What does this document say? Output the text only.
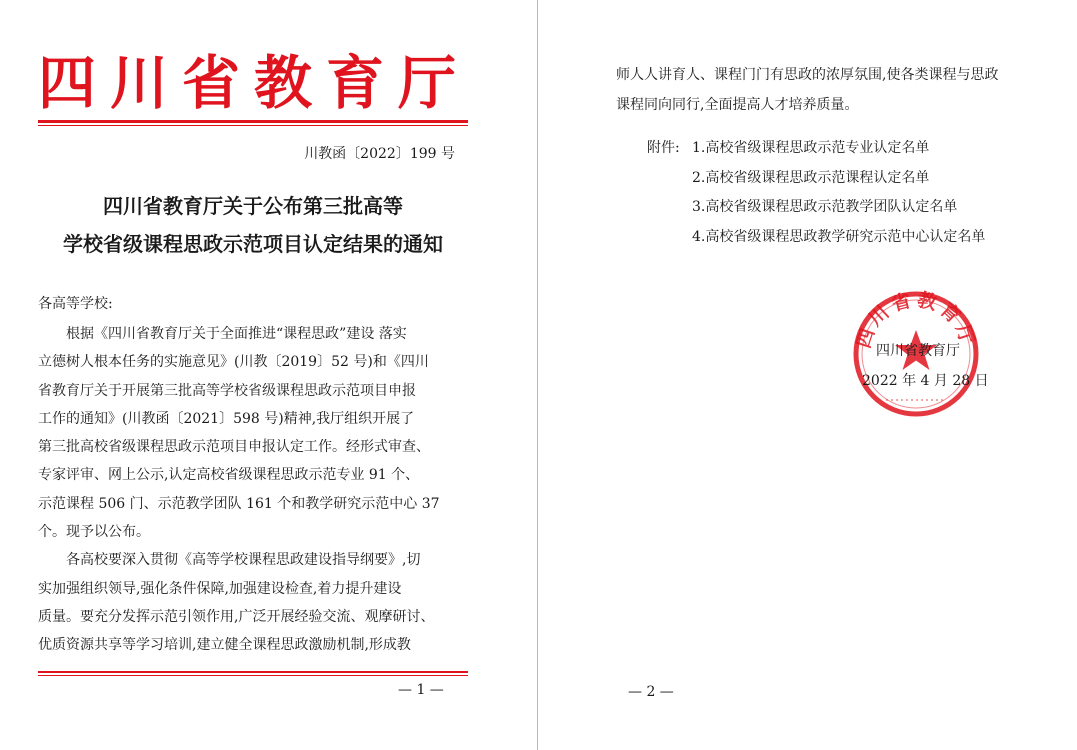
四川省教育厅
川教函〔2022〕199 号
四川省教育厅关于公布第三批高等
学校省级课程思政示范项目认定结果的通知
各高等学校:
根据《四川省教育厅关于全面推进“课程思政”建设 落实
立德树人根本任务的实施意见》(川教〔2019〕52 号)和《四川
省教育厅关于开展第三批高等学校省级课程思政示范项目申报
工作的通知》(川教函〔2021〕598 号)精神,我厅组织开展了
第三批高校省级课程思政示范项目申报认定工作。经形式审查、
专家评审、网上公示,认定高校省级课程思政示范专业 91 个、
示范课程 506 门、示范教学团队 161 个和教学研究示范中心 37
个。现予以公布。
各高校要深入贯彻《高等学校课程思政建设指导纲要》,切
实加强组织领导,强化条件保障,加强建设检查,着力提升建设
质量。要充分发挥示范引领作用,广泛开展经验交流、观摩研讨、
优质资源共享等学习培训,建立健全课程思政激励机制,形成教
— 1 —
师人人讲育人、课程门门有思政的浓厚氛围,使各类课程与思政
课程同向同行,全面提高人才培养质量。
附件: 1.高校省级课程思政示范专业认定名单
2.高校省级课程思政示范课程认定名单
3.高校省级课程思政示范教学团队认定名单
4.高校省级课程思政教学研究示范中心认定名单
四川省教育厅
四川省教育厅
2022 年 4 月 28 日
— 2 —
